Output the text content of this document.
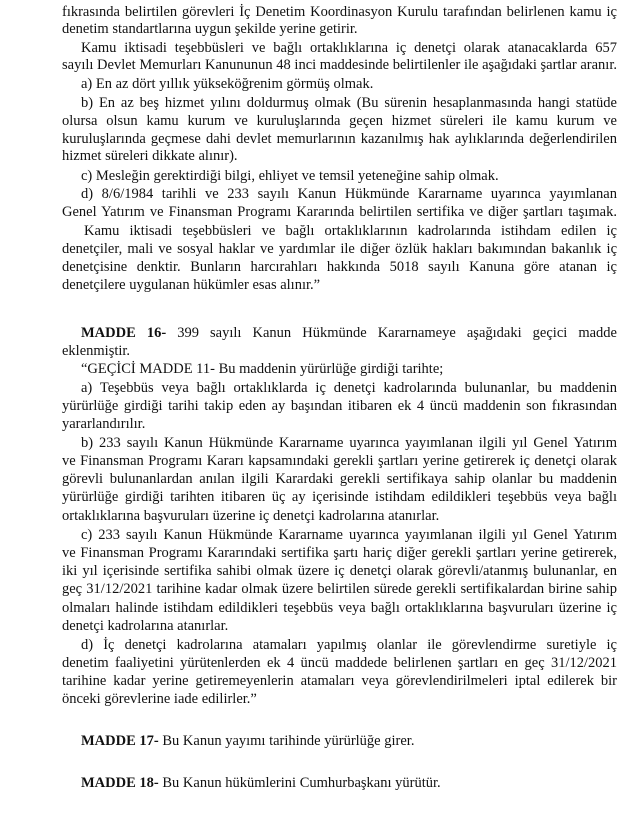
fıkrasında belirtilen görevleri İç Denetim Koordinasyon Kurulu tarafından belirlenen kamu iç
denetim standartlarına uygun şekilde yerine getirir.
Kamu iktisadi teşebbüsleri ve bağlı ortaklıklarına iç denetçi olarak atanacaklarda 657
sayılı Devlet Memurları Kanununun 48 inci maddesinde belirtilenler ile aşağıdaki şartlar aranır.
a) En az dört yıllık yükseköğrenim görmüş olmak.
b) En az beş hizmet yılını doldurmuş olmak (Bu sürenin hesaplanmasında hangi statüde
olursa olsun kamu kurum ve kuruluşlarında geçen hizmet süreleri ile kamu kurum ve
kuruluşlarında geçmese dahi devlet memurlarının kazanılmış hak aylıklarında değerlendirilen
hizmet süreleri dikkate alınır).
c) Mesleğin gerektirdiği bilgi, ehliyet ve temsil yeteneğine sahip olmak.
d) 8/6/1984 tarihli ve 233 sayılı Kanun Hükmünde Kararname uyarınca yayımlanan
Genel Yatırım ve Finansman Programı Kararında belirtilen sertifika ve diğer şartları taşımak.
Kamu iktisadi teşebbüsleri ve bağlı ortaklıklarının kadrolarında istihdam edilen iç
denetçiler, mali ve sosyal haklar ve yardımlar ile diğer özlük hakları bakımından bakanlık iç
denetçisine denktir. Bunların harcırahları hakkında 5018 sayılı Kanuna göre atanan iç
denetçilere uygulanan hükümler esas alınır.”
MADDE 16- 399 sayılı Kanun Hükmünde Kararnameye aşağıdaki geçici madde
eklenmiştir.
“GEÇİCİ MADDE 11- Bu maddenin yürürlüğe girdiği tarihte;
a) Teşebbüs veya bağlı ortaklıklarda iç denetçi kadrolarında bulunanlar, bu maddenin
yürürlüğe girdiği tarihi takip eden ay başından itibaren ek 4 üncü maddenin son fıkrasından
yararlandırılır.
b) 233 sayılı Kanun Hükmünde Kararname uyarınca yayımlanan ilgili yıl Genel Yatırım
ve Finansman Programı Kararı kapsamındaki gerekli şartları yerine getirerek iç denetçi olarak
görevli bulunanlardan anılan ilgili Karardaki gerekli sertifikaya sahip olanlar bu maddenin
yürürlüğe girdiği tarihten itibaren üç ay içerisinde istihdam edildikleri teşebbüs veya bağlı
ortaklıklarına başvuruları üzerine iç denetçi kadrolarına atanırlar.
c) 233 sayılı Kanun Hükmünde Kararname uyarınca yayımlanan ilgili yıl Genel Yatırım
ve Finansman Programı Kararındaki sertifika şartı hariç diğer gerekli şartları yerine getirerek,
iki yıl içerisinde sertifika sahibi olmak üzere iç denetçi olarak görevli/atanmış bulunanlar, en
geç 31/12/2021 tarihine kadar olmak üzere belirtilen sürede gerekli sertifikalardan birine sahip
olmaları halinde istihdam edildikleri teşebbüs veya bağlı ortaklıklarına başvuruları üzerine iç
denetçi kadrolarına atanırlar.
d) İç denetçi kadrolarına atamaları yapılmış olanlar ile görevlendirme suretiyle iç
denetim faaliyetini yürütenlerden ek 4 üncü maddede belirlenen şartları en geç 31/12/2021
tarihine kadar yerine getiremeyenlerin atamaları veya görevlendirilmeleri iptal edilerek bir
önceki görevlerine iade edilirler.”
MADDE 17- Bu Kanun yayımı tarihinde yürürlüğe girer.
MADDE 18- Bu Kanun hükümlerini Cumhurbaşkanı yürütür.
